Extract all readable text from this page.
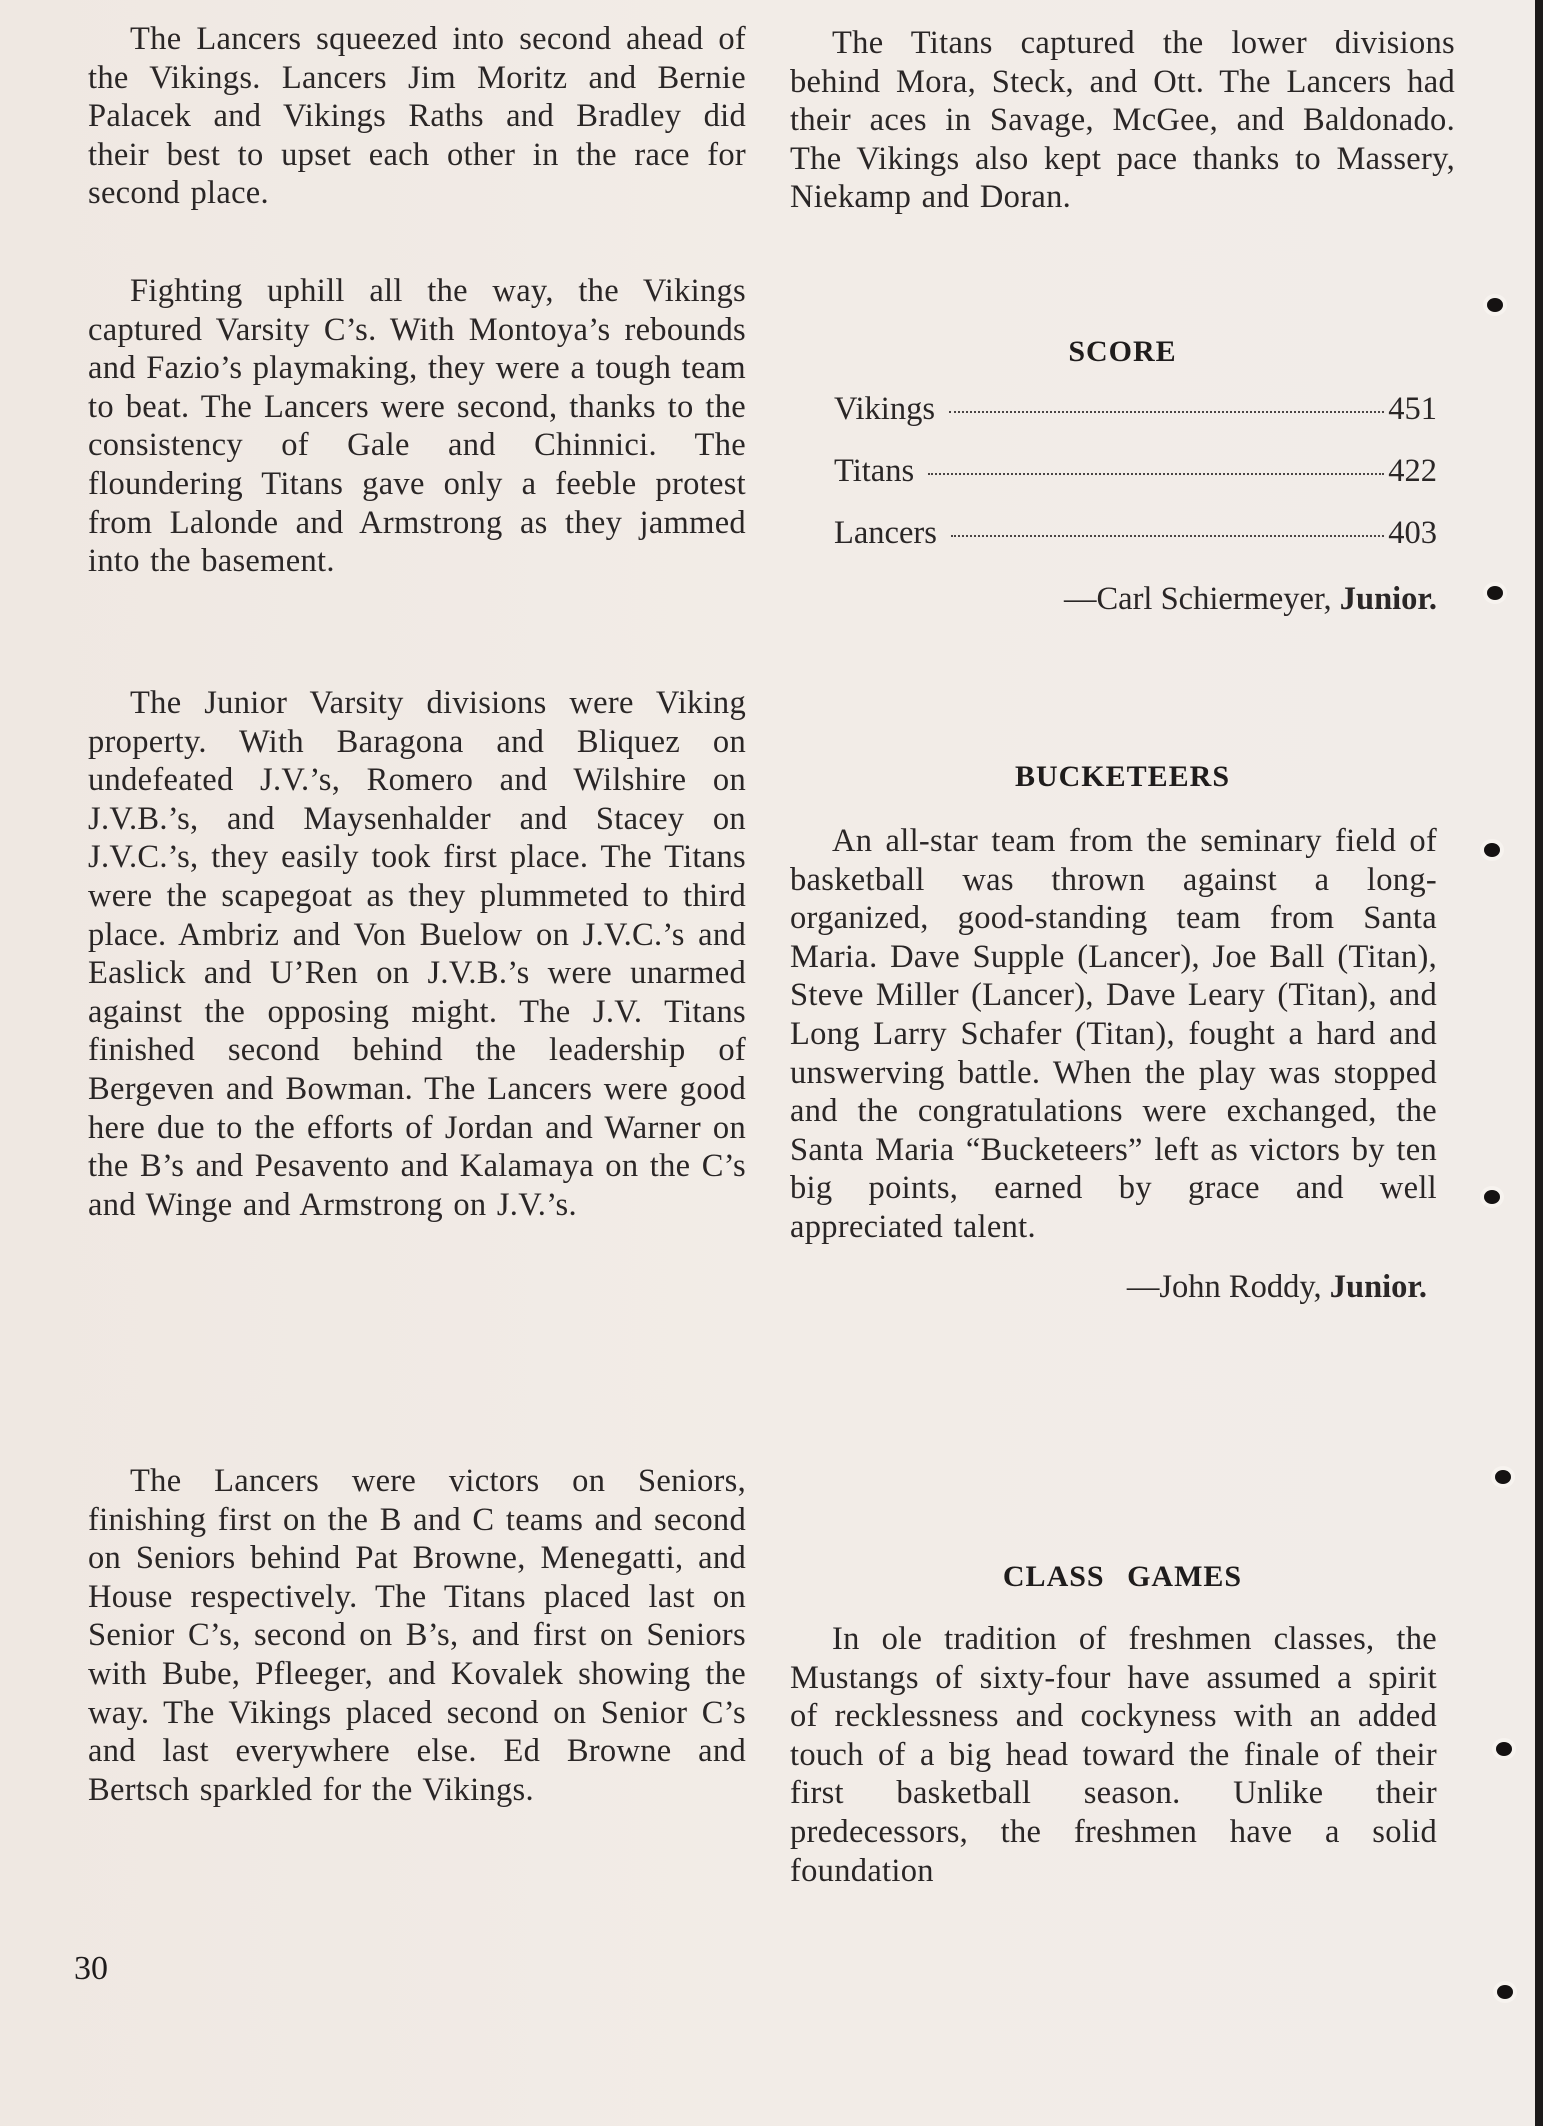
The Lancers squeezed into second ahead of the Vikings. Lancers Jim Moritz and Bernie Palacek and Vikings Raths and Bradley did their best to upset each other in the race for second place.

Fighting uphill all the way, the Vikings captured Varsity C’s. With Montoya’s rebounds and Fazio’s playmaking, they were a tough team to beat. The Lancers were second, thanks to the consistency of Gale and Chinnici. The floundering Titans gave only a feeble protest from Lalonde and Armstrong as they jammed into the basement.

The Junior Varsity divisions were Viking property. With Baragona and Bliquez on undefeated J.V.’s, Romero and Wilshire on J.V.B.’s, and Maysenhalder and Stacey on J.V.C.’s, they easily took first place. The Titans were the scapegoat as they plummeted to third place. Ambriz and Von Buelow on J.V.C.’s and Easlick and U’Ren on J.V.B.’s were unarmed against the opposing might. The J.V. Titans finished second behind the leadership of Bergeven and Bowman. The Lancers were good here due to the efforts of Jordan and Warner on the B’s and Pesavento and Kalamaya on the C’s and Winge and Armstrong on J.V.’s.

The Lancers were victors on Seniors, finishing first on the B and C teams and second on Seniors behind Pat Browne, Menegatti, and House respectively. The Titans placed last on Senior C’s, second on B’s, and first on Seniors with Bube, Pfleeger, and Kovalek showing the way. The Vikings placed second on Senior C’s and last everywhere else. Ed Browne and Bertsch sparkled for the Vikings.

30

The Titans captured the lower divisions behind Mora, Steck, and Ott. The Lancers had their aces in Savage, McGee, and Baldonado. The Vikings also kept pace thanks to Massery, Niekamp and Doran.

SCORE
Vikings	451
Titans	422
Lancers	403
—Carl Schiermeyer, Junior.
BUCKETEERS

An all-star team from the seminary field of basketball was thrown against a long-organized, good-standing team from Santa Maria. Dave Supple (Lancer), Joe Ball (Titan), Steve Miller (Lancer), Dave Leary (Titan), and Long Larry Schafer (Titan), fought a hard and unswerving battle. When the play was stopped and the congratulations were exchanged, the Santa Maria “Bucketeers” left as victors by ten big points, earned by grace and well appreciated talent.

—John Roddy, Junior.
CLASS GAMES

In ole tradition of freshmen classes, the Mustangs of sixty-four have assumed a spirit of recklessness and cockyness with an added touch of a big head toward the finale of their first basketball season. Unlike their predecessors, the freshmen have a solid foundation
